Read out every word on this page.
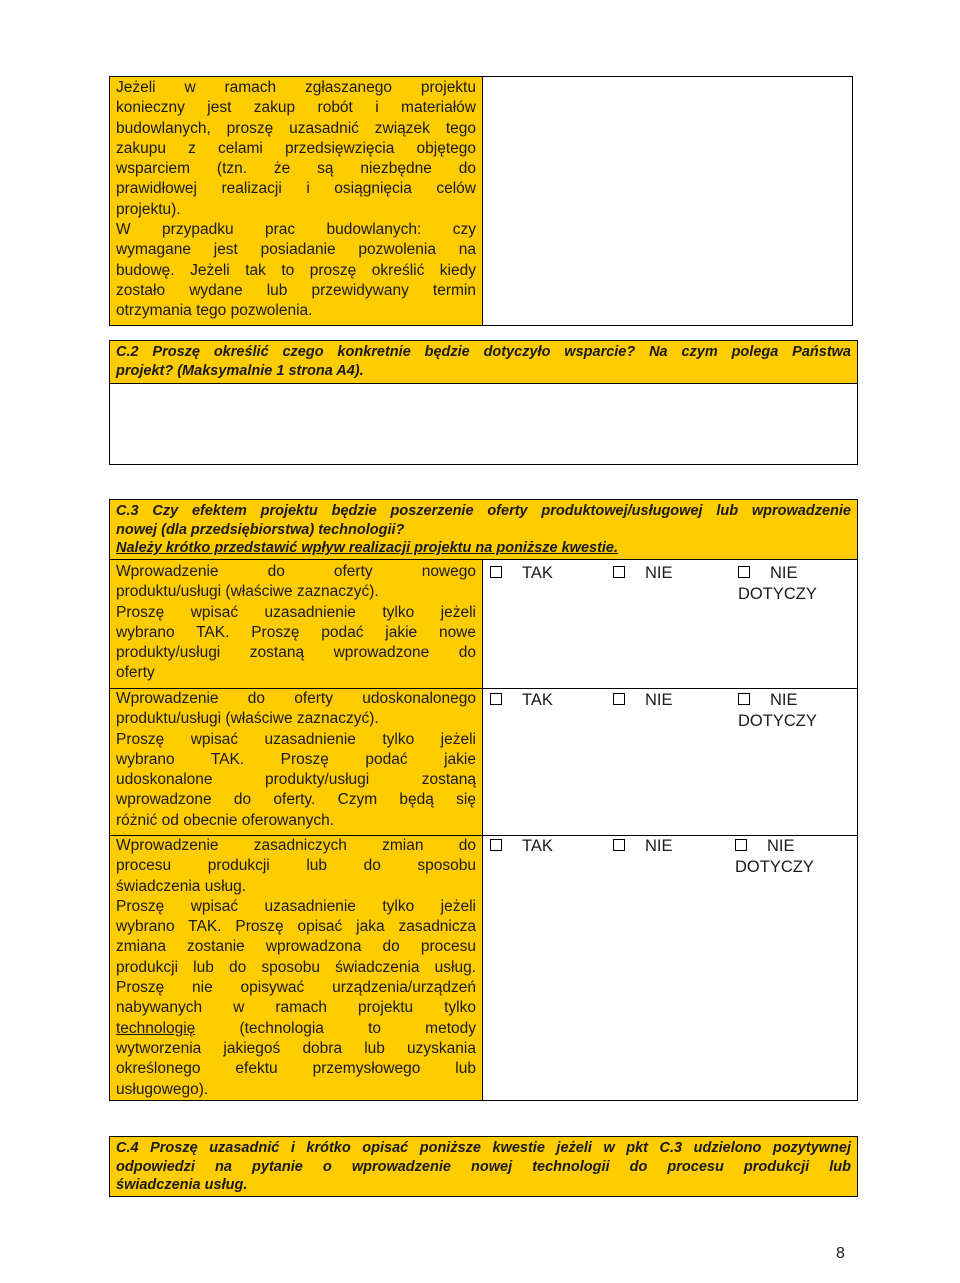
Jeżeli w ramach zgłaszanego projektu

konieczny jest zakup robót i materiałów

budowlanych, proszę uzasadnić związek tego

zakupu z celami przedsięwzięcia objętego

wsparciem (tzn. że są niezbędne do

prawidłowej realizacji i osiągnięcia celów

projektu).

W przypadku prac budowlanych: czy

wymagane jest posiadanie pozwolenia na

budowę. Jeżeli tak to proszę określić kiedy

zostało wydane lub przewidywany termin

otrzymania tego pozwolenia.

C.2 Proszę określić czego konkretnie będzie dotyczyło wsparcie? Na czym polega Państwa

projekt? (Maksymalnie 1 strona A4).

C.3 Czy efektem projektu będzie poszerzenie oferty produktowej/usługowej lub wprowadzenie

nowej (dla przedsiębiorstwa) technologii?

Należy krótko przedstawić wpływ realizacji projektu na poniższe kwestie.

Wprowadzenie do oferty nowego

produktu/usługi (właściwe zaznaczyć).

Proszę wpisać uzasadnienie tylko jeżeli

wybrano TAK. Proszę podać jakie nowe

produkty/usługi zostaną wprowadzone do

oferty

TAK	NIE	NIE
DOTYCZY

Wprowadzenie do oferty udoskonalonego

produktu/usługi (właściwe zaznaczyć).

Proszę wpisać uzasadnienie tylko jeżeli

wybrano TAK. Proszę podać jakie

udoskonalone produkty/usługi zostaną

wprowadzone do oferty. Czym będą się

różnić od obecnie oferowanych.

TAK	NIE	NIE
DOTYCZY

Wprowadzenie zasadniczych zmian do

procesu produkcji lub do sposobu

świadczenia usług.

Proszę wpisać uzasadnienie tylko jeżeli

wybrano TAK. Proszę opisać jaka zasadnicza

zmiana zostanie wprowadzona do procesu

produkcji lub do sposobu świadczenia usług.

Proszę nie opisywać urządzenia/urządzeń

nabywanych w ramach projektu tylko

technologię (technologia to metody

wytworzenia jakiegoś dobra lub uzyskania

określonego efektu przemysłowego lub

usługowego).

TAK	NIE	NIE
DOTYCZY

C.4 Proszę uzasadnić i krótko opisać poniższe kwestie jeżeli w pkt C.3 udzielono pozytywnej

odpowiedzi na pytanie o wprowadzenie nowej technologii do procesu produkcji lub

świadczenia usług.

8
